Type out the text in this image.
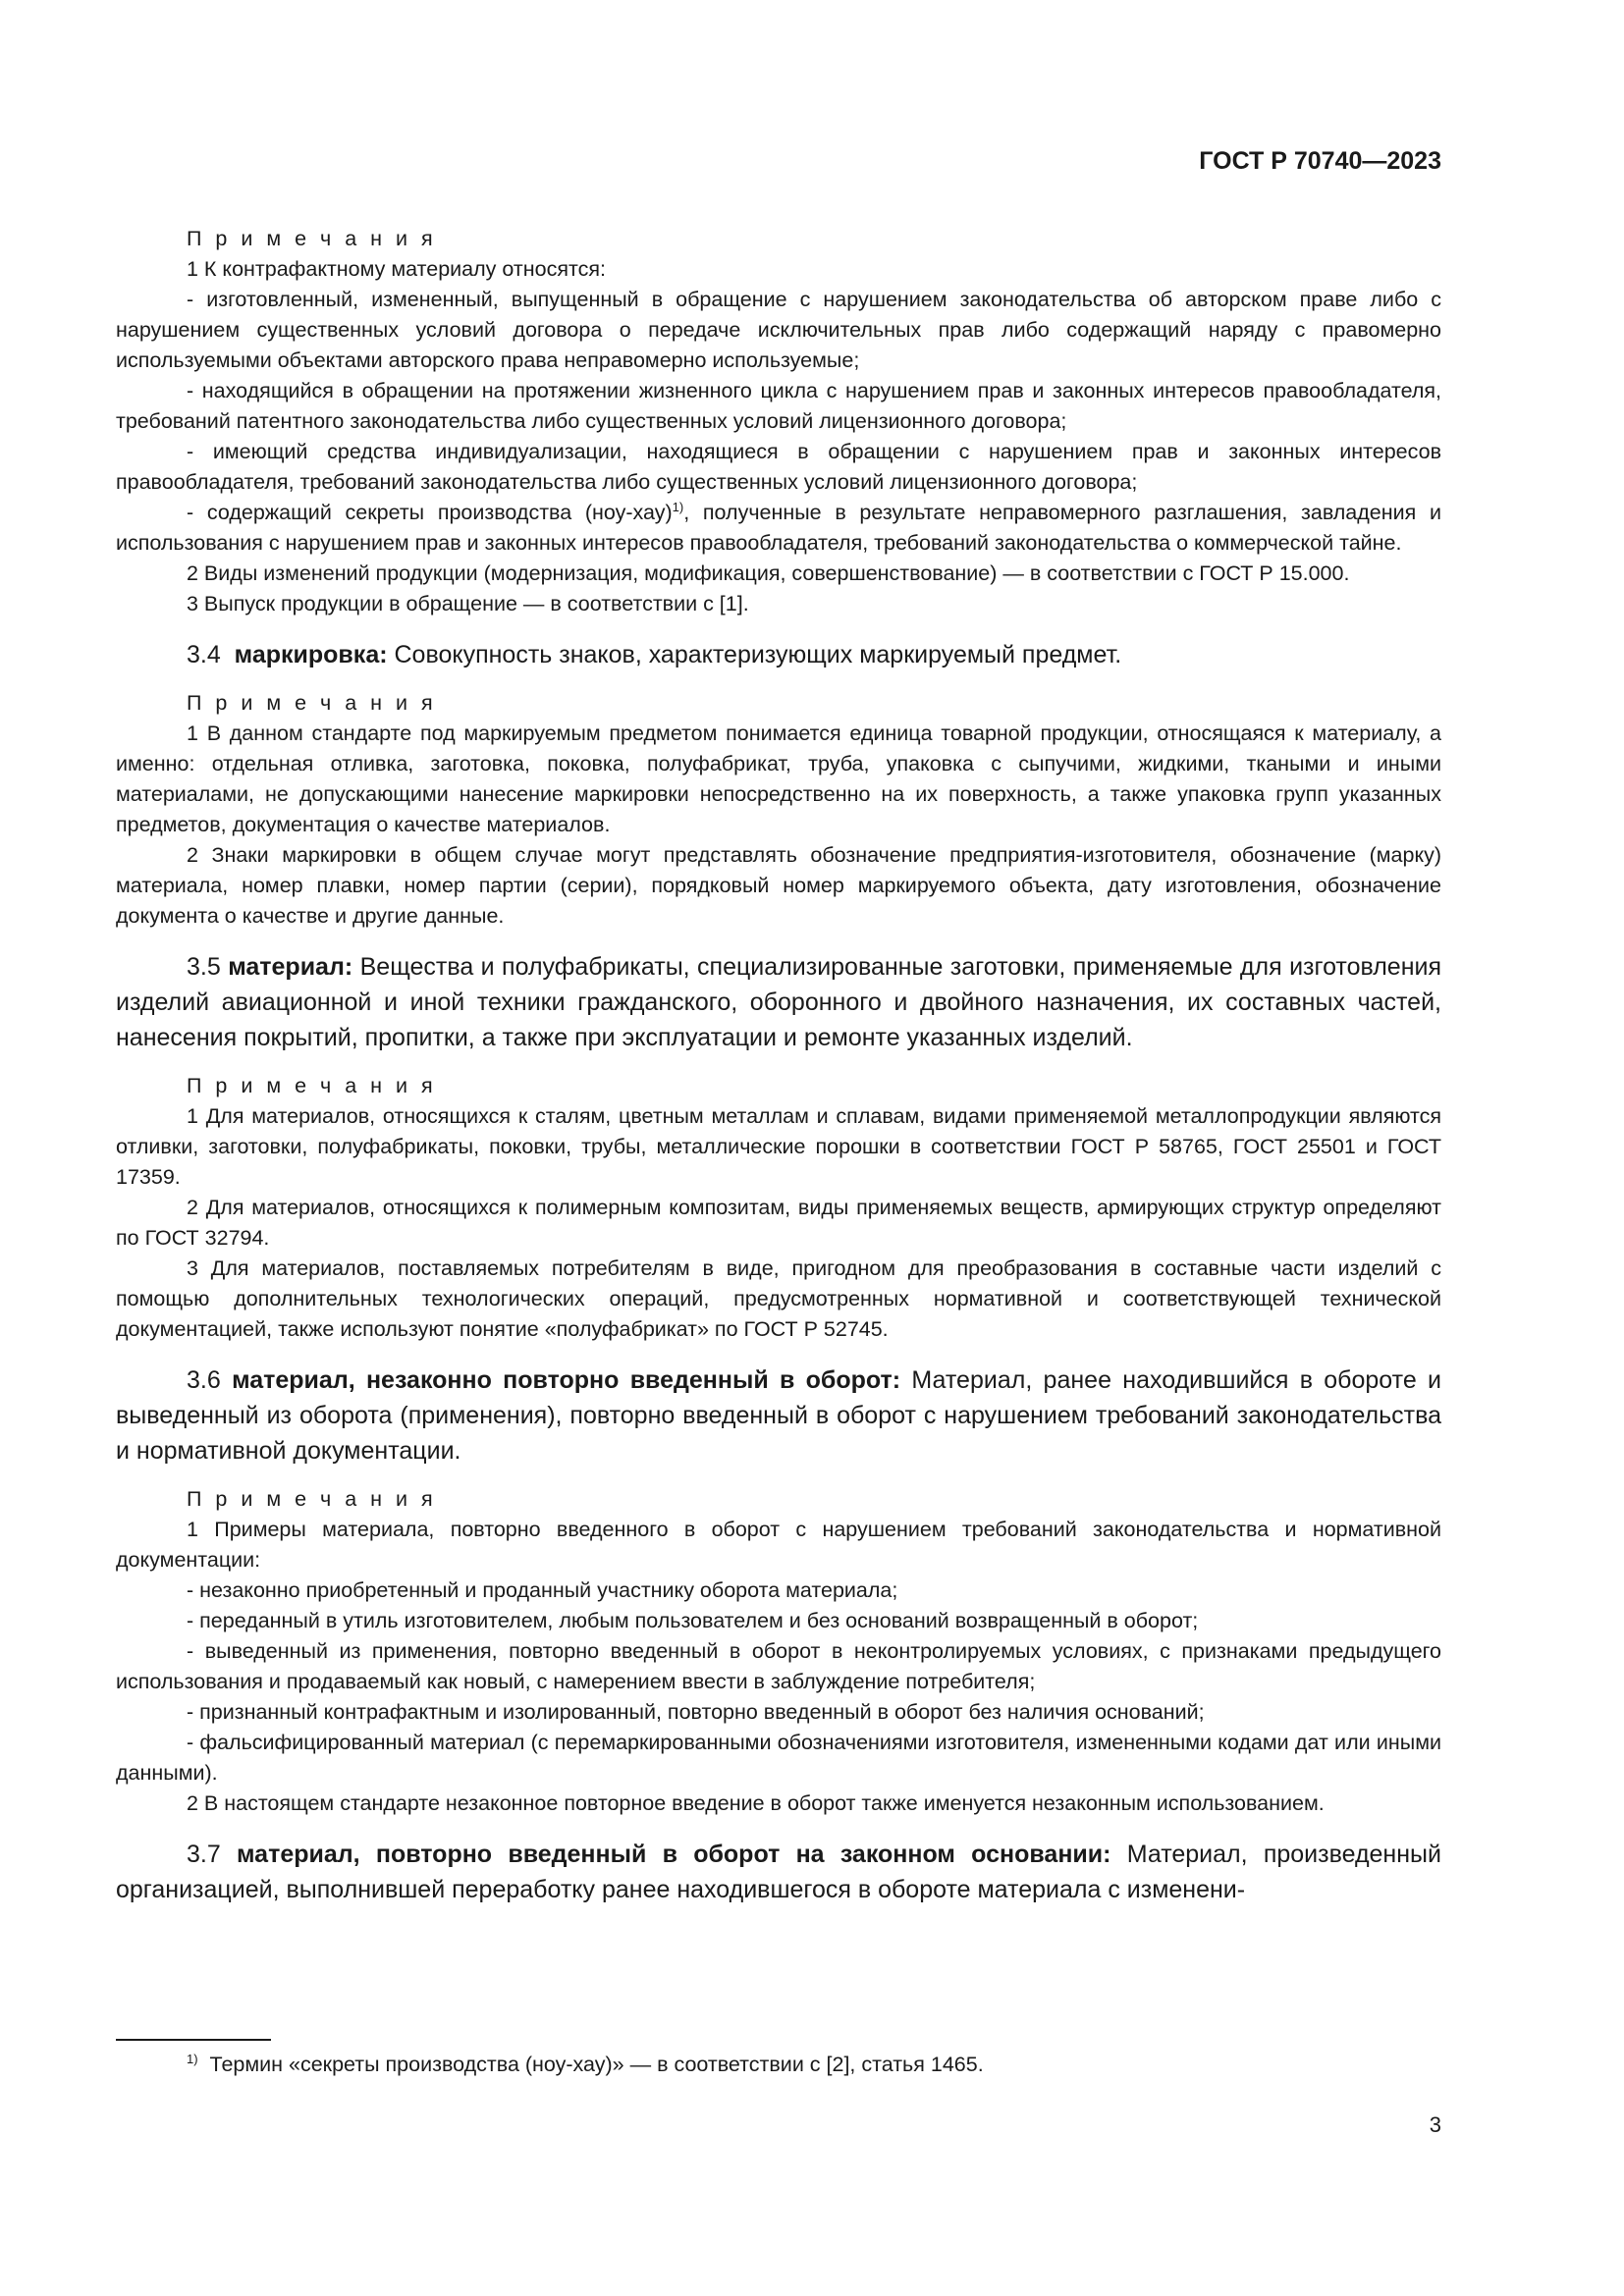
ГОСТ Р 70740—2023
П р и м е ч а н и я

1 К контрафактному материалу относятся:

- изготовленный, измененный, выпущенный в обращение с нарушением законодательства об авторском праве либо с нарушением существенных условий договора о передаче исключительных прав либо содержащий наряду с правомерно используемыми объектами авторского права неправомерно используемые;

- находящийся в обращении на протяжении жизненного цикла с нарушением прав и законных интересов правообладателя, требований патентного законодательства либо существенных условий лицензионного договора;

- имеющий средства индивидуализации, находящиеся в обращении с нарушением прав и законных интересов правообладателя, требований законодательства либо существенных условий лицензионного договора;

- содержащий секреты производства $(ноу-хау)^{1)}$, полученные в результате неправомерного разглашения, завладения и использования с нарушением прав и законных интересов правообладателя, требований законодательства о коммерческой тайне.

2 Виды изменений продукции (модернизация, модификация, совершенствование) — в соответствии с ГОСТ Р 15.000.

3 Выпуск продукции в обращение — в соответствии с [1].

3.4 маркировка: Совокупность знаков, характеризующих маркируемый предмет.

П р и м е ч а н и я

1 В данном стандарте под маркируемым предметом понимается единица товарной продукции, относящаяся к материалу, а именно: отдельная отливка, заготовка, поковка, полуфабрикат, труба, упаковка с сыпучими, жидкими, ткаными и иными материалами, не допускающими нанесение маркировки непосредственно на их поверхность, а также упаковка групп указанных предметов, документация о качестве материалов.

2 Знаки маркировки в общем случае могут представлять обозначение предприятия-изготовителя, обозначение (марку) материала, номер плавки, номер партии (серии), порядковый номер маркируемого объекта, дату изготовления, обозначение документа о качестве и другие данные.

3.5 материал: Вещества и полуфабрикаты, специализированные заготовки, применяемые для изготовления изделий авиационной и иной техники гражданского, оборонного и двойного назначения, их составных частей, нанесения покрытий, пропитки, а также при эксплуатации и ремонте указанных изделий.

П р и м е ч а н и я

1 Для материалов, относящихся к сталям, цветным металлам и сплавам, видами применяемой металлопродукции являются отливки, заготовки, полуфабрикаты, поковки, трубы, металлические порошки в соответствии ГОСТ Р 58765, ГОСТ 25501 и ГОСТ 17359.

2 Для материалов, относящихся к полимерным композитам, виды применяемых веществ, армирующих структур определяют по ГОСТ 32794.

3 Для материалов, поставляемых потребителям в виде, пригодном для преобразования в составные части изделий с помощью дополнительных технологических операций, предусмотренных нормативной и соответствующей технической документацией, также используют понятие «полуфабрикат» по ГОСТ Р 52745.

3.6 материал, незаконно повторно введенный в оборот: Материал, ранее находившийся в обороте и выведенный из оборота (применения), повторно введенный в оборот с нарушением требований законодательства и нормативной документации.

П р и м е ч а н и я

1 Примеры материала, повторно введенного в оборот с нарушением требований законодательства и нормативной документации:

- незаконно приобретенный и проданный участнику оборота материала;

- переданный в утиль изготовителем, любым пользователем и без оснований возвращенный в оборот;

- выведенный из применения, повторно введенный в оборот в неконтролируемых условиях, с признаками предыдущего использования и продаваемый как новый, с намерением ввести в заблуждение потребителя;

- признанный контрафактным и изолированный, повторно введенный в оборот без наличия оснований;

- фальсифицированный материал (с перемаркированными обозначениями изготовителя, измененными кодами дат или иными данными).

2 В настоящем стандарте незаконное повторное введение в оборот также именуется незаконным использованием.

3.7 материал, повторно введенный в оборот на законном основании: Материал, произведенный организацией, выполнившей переработку ранее находившегося в обороте материала с изменени-

$^{1)}$ Термин «секреты производства (ноу-хау)» — в соответствии с [2], статья 1465.
3
